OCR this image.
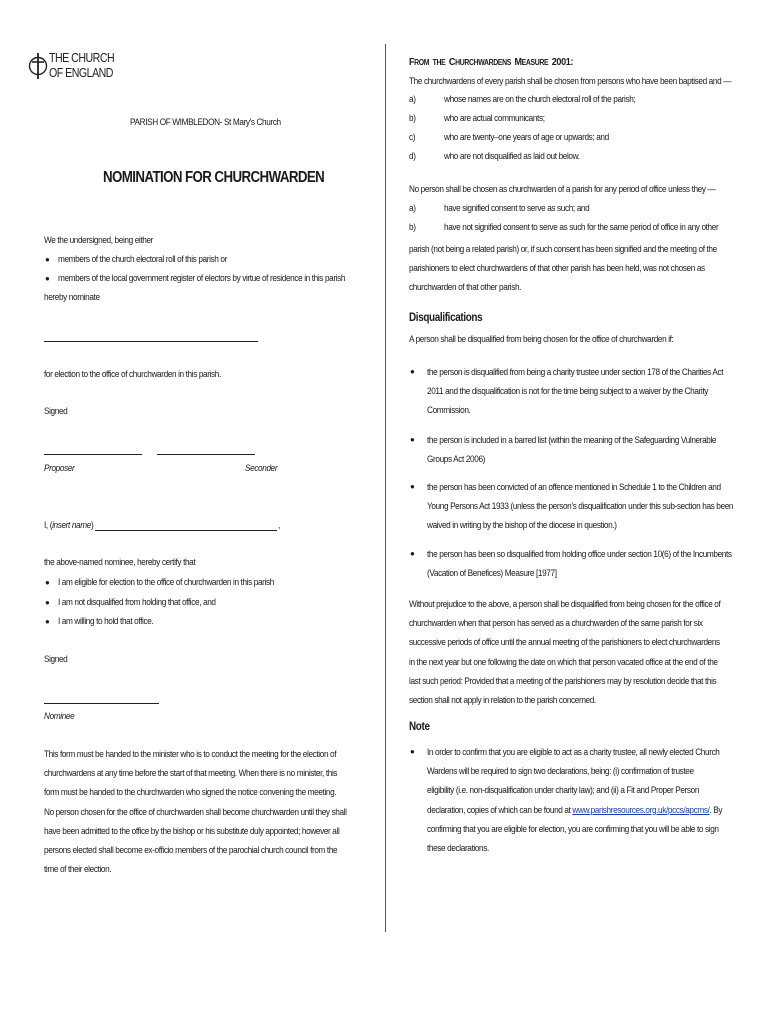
THE CHURCH
OF ENGLAND
PARISH OF WIMBLEDON- St Mary's Church
NOMINATION FOR CHURCHWARDEN
We the undersigned, being either
● members of the church electoral roll of this parish or
● members of the local government register of electors by virtue of residence in this parish
hereby nominate
for election to the office of churchwarden in this parish.
Signed
Proposer	Seconder
I, (insert name)	,
the above-named nominee, hereby certify that
● I am eligible for election to the office of churchwarden in this parish
● I am not disqualified from holding that office, and
● I am willing to hold that office.
Signed
Nominee
This form must be handed to the minister who is to conduct the meeting for the election of
churchwardens at any time before the start of that meeting. When there is no minister, this
form must be handed to the churchwarden who signed the notice convening the meeting.
No person chosen for the office of churchwarden shall become churchwarden until they shall
have been admitted to the office by the bishop or his substitute duly appointed; however all
persons elected shall become ex-officio members of the parochial church council from the
time of their election.
FROM THE CHURCHWARDENS MEASURE 2001:
The churchwardens of every parish shall be chosen from persons who have been baptised and —
a)	whose names are on the church electoral roll of the parish;
b)	who are actual communicants;
c)	who are twenty–one years of age or upwards; and
d)	who are not disqualified as laid out below.
No person shall be chosen as churchwarden of a parish for any period of office unless they —
a)	have signified consent to serve as such; and
b)	have not signified consent to serve as such for the same period of office in any other
parish (not being a related parish) or, if such consent has been signified and the meeting of the
parishioners to elect churchwardens of that other parish has been held, was not chosen as
churchwarden of that other parish.
Disqualifications
A person shall be disqualified from being chosen for the office of churchwarden if:
● the person is disqualified from being a charity trustee under section 178 of the Charities Act
2011 and the disqualification is not for the time being subject to a waiver by the Charity
Commission.
● the person is included in a barred list (within the meaning of the Safeguarding Vulnerable
Groups Act 2006)
● the person has been convicted of an offence mentioned in Schedule 1 to the Children and
Young Persons Act 1933 (unless the person’s disqualification under this sub-section has been
waived in writing by the bishop of the diocese in question.)
● the person has been so disqualified from holding office under section 10(6) of the Incumbents
(Vacation of Benefices) Measure [1977]
Without prejudice to the above, a person shall be disqualified from being chosen for the office of
churchwarden when that person has served as a churchwarden of the same parish for six
successive periods of office until the annual meeting of the parishioners to elect churchwardens
in the next year but one following the date on which that person vacated office at the end of the
last such period: Provided that a meeting of the parishioners may by resolution decide that this
section shall not apply in relation to the parish concerned.
Note
● In order to confirm that you are eligible to act as a charity trustee, all newly elected Church
Wardens will be required to sign two declarations, being: (i) confirmation of trustee
eligibility (i.e. non-disqualification under charity law); and (ii) a Fit and Proper Person
declaration, copies of which can be found at www.parishresources.org.uk/pccs/apcms/. By
confirming that you are eligible for election, you are confirming that you will be able to sign
these declarations.
